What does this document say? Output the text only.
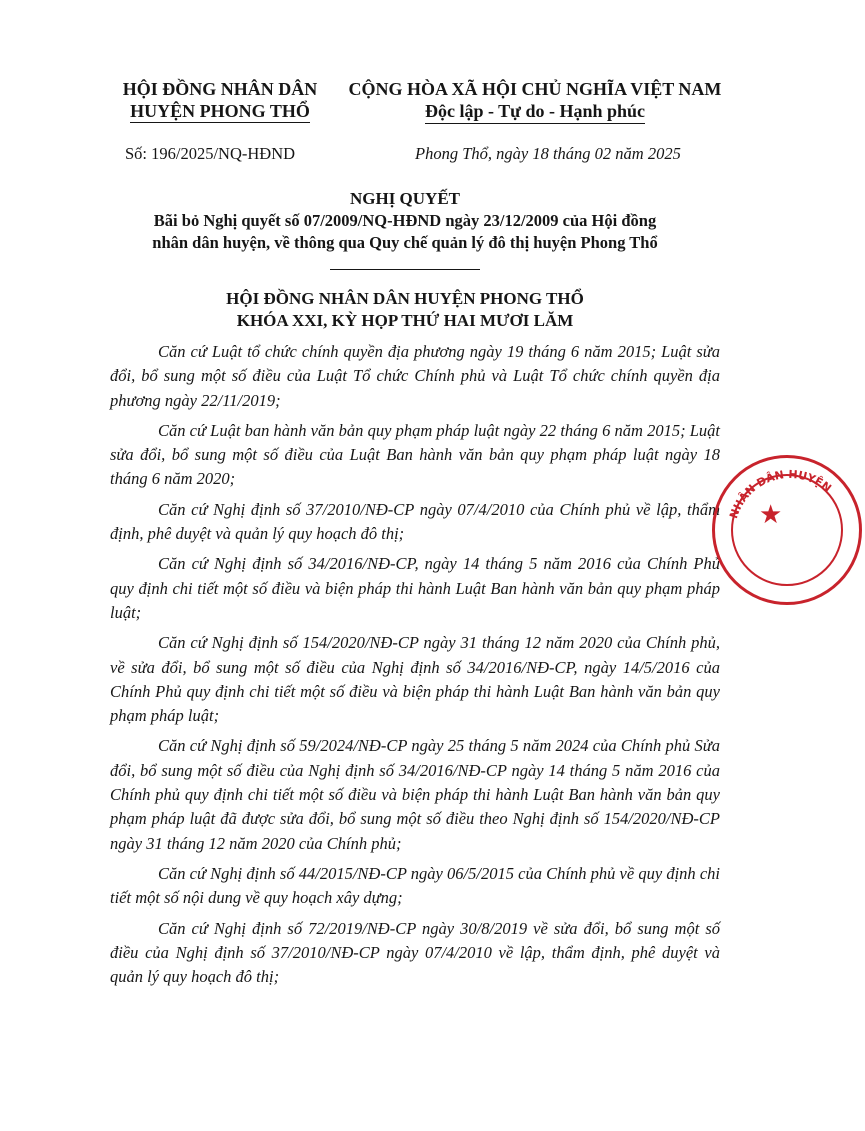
HỘI ĐỒNG NHÂN DÂN
HUYỆN PHONG THỔ
CỘNG HÒA XÃ HỘI CHỦ NGHĨA VIỆT NAM
Độc lập - Tự do - Hạnh phúc
Số: 196/2025/NQ-HĐND	Phong Thổ, ngày 18 tháng 02 năm 2025
NGHỊ QUYẾT
Bãi bỏ Nghị quyết số 07/2009/NQ-HĐND ngày 23/12/2009 của Hội đồng
nhân dân huyện, về thông qua Quy chế quản lý đô thị huyện Phong Thổ
HỘI ĐỒNG NHÂN DÂN HUYỆN PHONG THỔ
KHÓA XXI, KỲ HỌP THỨ HAI MƯƠI LĂM

Căn cứ Luật tổ chức chính quyền địa phương ngày 19 tháng 6 năm 2015; Luật sửa đổi, bổ sung một số điều của Luật Tổ chức Chính phủ và Luật Tổ chức chính quyền địa phương ngày 22/11/2019;

Căn cứ Luật ban hành văn bản quy phạm pháp luật ngày 22 tháng 6 năm 2015; Luật sửa đổi, bổ sung một số điều của Luật Ban hành văn bản quy phạm pháp luật ngày 18 tháng 6 năm 2020;

Căn cứ Nghị định số 37/2010/NĐ-CP ngày 07/4/2010 của Chính phủ về lập, thẩm định, phê duyệt và quản lý quy hoạch đô thị;

Căn cứ Nghị định số 34/2016/NĐ-CP, ngày 14 tháng 5 năm 2016 của Chính Phủ quy định chi tiết một số điều và biện pháp thi hành Luật Ban hành văn bản quy phạm pháp luật;

Căn cứ Nghị định số 154/2020/NĐ-CP ngày 31 tháng 12 năm 2020 của Chính phủ, về sửa đổi, bổ sung một số điều của Nghị định số 34/2016/NĐ-CP, ngày 14/5/2016 của Chính Phủ quy định chi tiết một số điều và biện pháp thi hành Luật Ban hành văn bản quy phạm pháp luật;

Căn cứ Nghị định số 59/2024/NĐ-CP ngày 25 tháng 5 năm 2024 của Chính phủ Sửa đổi, bổ sung một số điều của Nghị định số 34/2016/NĐ-CP ngày 14 tháng 5 năm 2016 của Chính phủ quy định chi tiết một số điều và biện pháp thi hành Luật Ban hành văn bản quy phạm pháp luật đã được sửa đổi, bổ sung một số điều theo Nghị định số 154/2020/NĐ-CP ngày 31 tháng 12 năm 2020 của Chính phủ;

Căn cứ Nghị định số 44/2015/NĐ-CP ngày 06/5/2015 của Chính phủ về quy định chi tiết một số nội dung về quy hoạch xây dựng;

Căn cứ Nghị định số 72/2019/NĐ-CP ngày 30/8/2019 về sửa đổi, bổ sung một số điều của Nghị định số 37/2010/NĐ-CP ngày 07/4/2010 về lập, thẩm định, phê duyệt và quản lý quy hoạch đô thị;

NHÂN DÂN HUYỆN
★
